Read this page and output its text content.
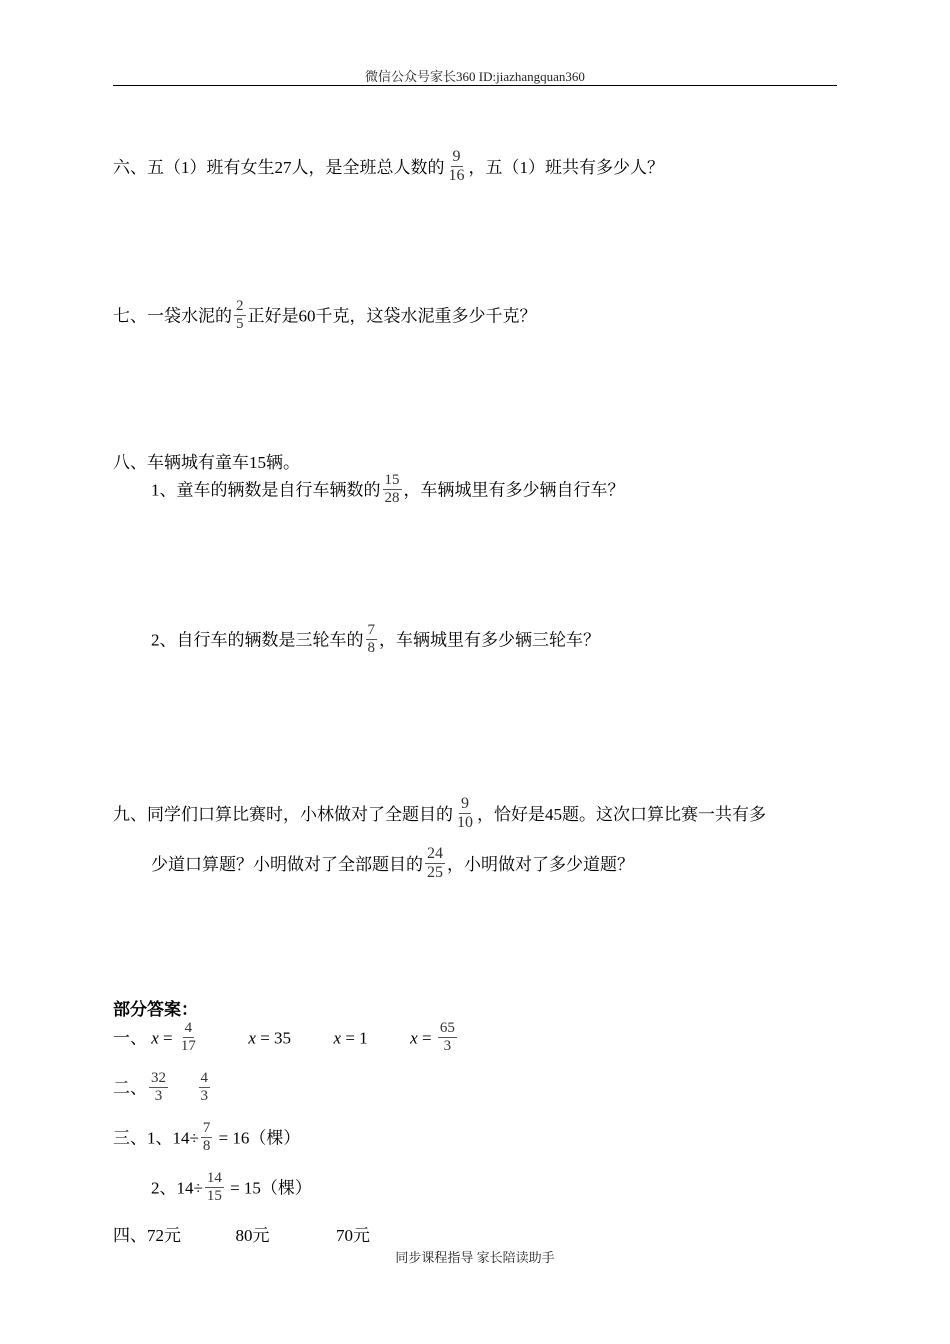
微信公众号家长360 ID:jiazhangquan360
六、五（1）班有女生27人，是全班总人数的 $\frac{9}{16}$ ，五（1）班共有多少人？
七、一袋水泥的 $\frac{2}{5}$ 正好是60千克，这袋水泥重多少千克？
八、车辆城有童车15辆。
1、童车的辆数是自行车辆数的 $\frac{15}{28}$ ，车辆城里有多少辆自行车？
2、自行车的辆数是三轮车的 $\frac{7}{8}$ ，车辆城里有多少辆三轮车？
九、同学们口算比赛时，小林做对了全题目的 $\frac{9}{10}$ ，恰好是45题。这次口算比赛一共有多
少道口算题？小明做对了全部题目的 $\frac{24}{25}$ ，小明做对了多少道题？
部分答案：
一、 $x = \frac{4}{17}$	x = 35	x = 1	$x = \frac{65}{3}$
二、 $\frac{32}{3}$
$\frac{4}{3}$
三、1、$14\div \frac{7}{8} = 16$（棵）
2、$14\div \frac{14}{15} = 15$（棵）
四、72元	80元	70元
同步课程指导 家长陪读助手
